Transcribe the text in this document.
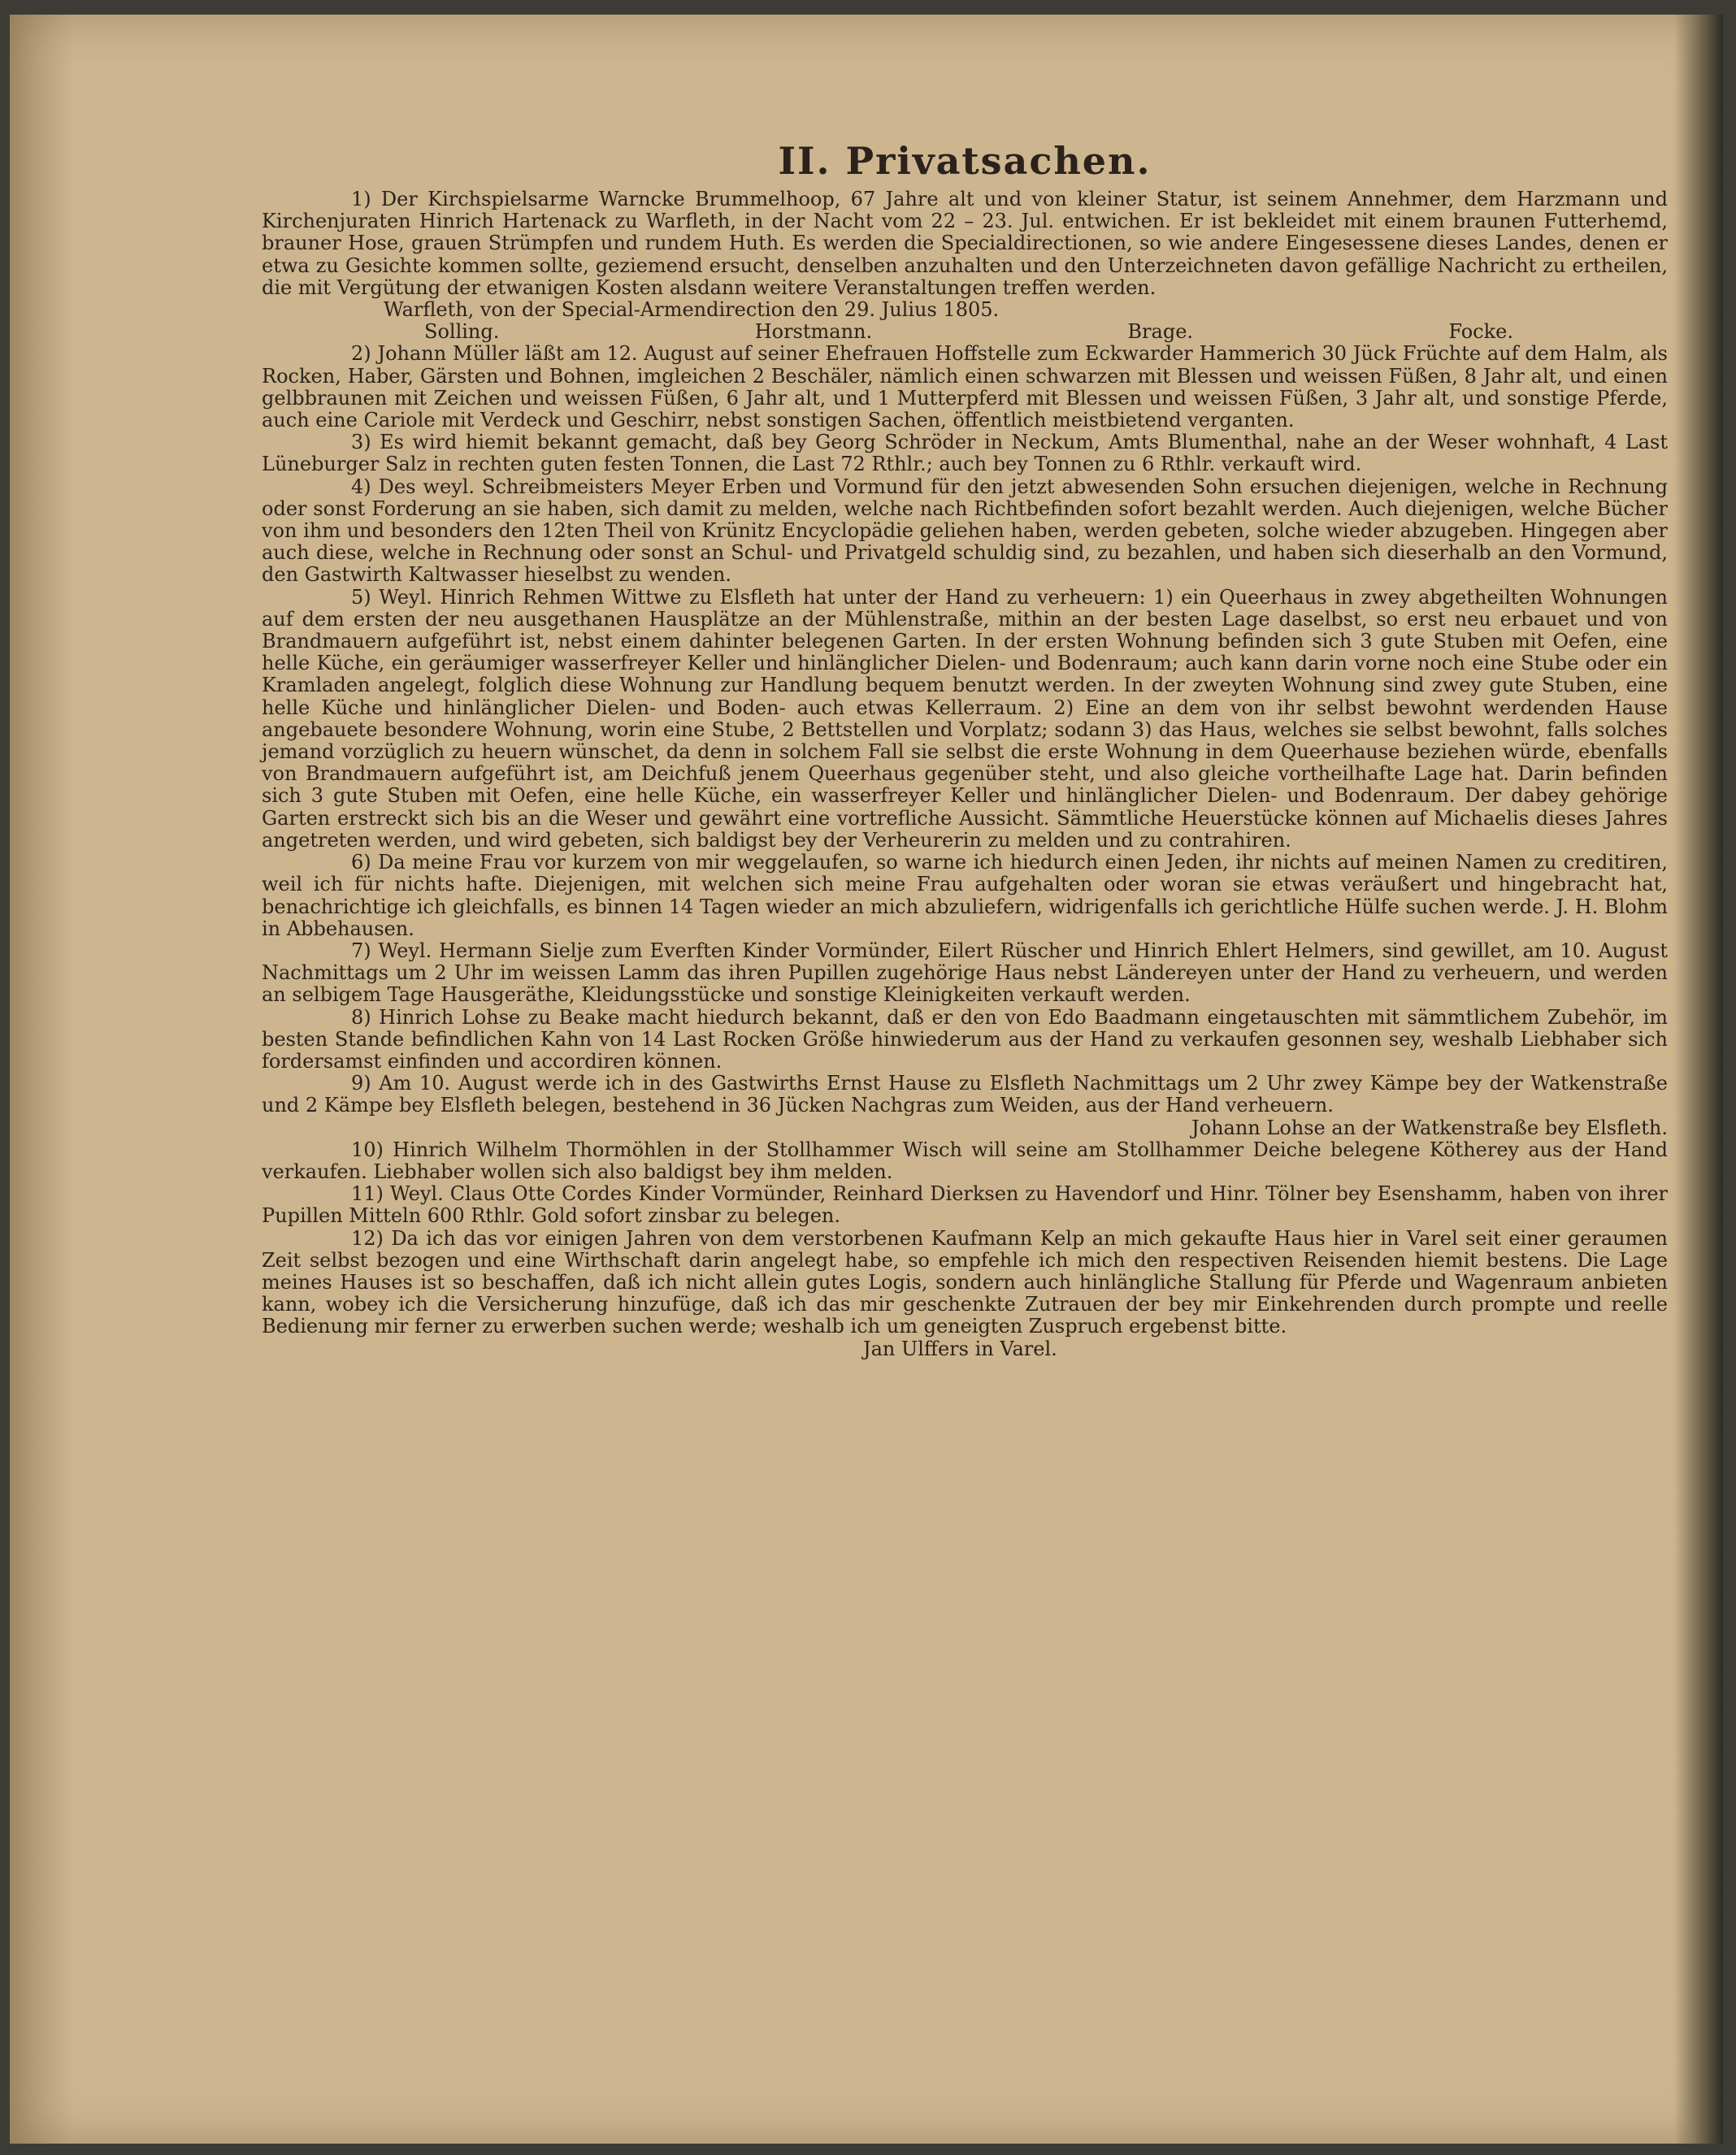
II. Privatsachen.

1) Der Kirchspielsarme Warncke Brummelhoop, 67 Jahre alt und von kleiner Statur, ist seinem Annehmer, dem Harzmann und Kirchenjuraten Hinrich Hartenack zu Warfleth, in der Nacht vom 22 – 23. Jul. entwichen. Er ist bekleidet mit einem braunen Futterhemd, brauner Hose, grauen Strümpfen und rundem Huth. Es werden die Specialdirectionen, so wie andere Eingesessene dieses Landes, denen er etwa zu Gesichte kommen sollte, geziemend ersucht, denselben anzuhalten und den Unterzeichneten davon gefällige Nachricht zu ertheilen, die mit Vergütung der etwanigen Kosten alsdann weitere Veranstaltungen treffen werden.

Warfleth, von der Special-Armendirection den 29. Julius 1805.

Solling.	Horstmann.	Brage.	Focke.

2) Johann Müller läßt am 12. August auf seiner Ehefrauen Hoffstelle zum Eckwarder Hammerich 30 Jück Früchte auf dem Halm, als Rocken, Haber, Gärsten und Bohnen, imgleichen 2 Beschäler, nämlich einen schwarzen mit Blessen und weissen Füßen, 8 Jahr alt, und einen gelbbraunen mit Zeichen und weissen Füßen, 6 Jahr alt, und 1 Mutterpferd mit Blessen und weissen Füßen, 3 Jahr alt, und sonstige Pferde, auch eine Cariole mit Verdeck und Geschirr, nebst sonstigen Sachen, öffentlich meistbietend verganten.

3) Es wird hiemit bekannt gemacht, daß bey Georg Schröder in Neckum, Amts Blumenthal, nahe an der Weser wohnhaft, 4 Last Lüneburger Salz in rechten guten festen Tonnen, die Last 72 Rthlr.; auch bey Tonnen zu 6 Rthlr. verkauft wird.

4) Des weyl. Schreibmeisters Meyer Erben und Vormund für den jetzt abwesenden Sohn ersuchen diejenigen, welche in Rechnung oder sonst Forderung an sie haben, sich damit zu melden, welche nach Richtbefinden sofort bezahlt werden. Auch diejenigen, welche Bücher von ihm und besonders den 12ten Theil von Krünitz Encyclopädie geliehen haben, werden gebeten, solche wieder abzugeben. Hingegen aber auch diese, welche in Rechnung oder sonst an Schul- und Privatgeld schuldig sind, zu bezahlen, und haben sich dieserhalb an den Vormund, den Gastwirth Kaltwasser hieselbst zu wenden.

5) Weyl. Hinrich Rehmen Wittwe zu Elsfleth hat unter der Hand zu verheuern: 1) ein Queerhaus in zwey abgetheilten Wohnungen auf dem ersten der neu ausgethanen Hausplätze an der Mühlenstraße, mithin an der besten Lage daselbst, so erst neu erbauet und von Brandmauern aufgeführt ist, nebst einem dahinter belegenen Garten. In der ersten Wohnung befinden sich 3 gute Stuben mit Oefen, eine helle Küche, ein geräumiger wasserfreyer Keller und hinlänglicher Dielen- und Bodenraum; auch kann darin vorne noch eine Stube oder ein Kramladen angelegt, folglich diese Wohnung zur Handlung bequem benutzt werden. In der zweyten Wohnung sind zwey gute Stuben, eine helle Küche und hinlänglicher Dielen- und Boden- auch etwas Kellerraum. 2) Eine an dem von ihr selbst bewohnt werdenden Hause angebauete besondere Wohnung, worin eine Stube, 2 Bettstellen und Vorplatz; sodann 3) das Haus, welches sie selbst bewohnt, falls solches jemand vorzüglich zu heuern wünschet, da denn in solchem Fall sie selbst die erste Wohnung in dem Queerhause beziehen würde, ebenfalls von Brandmauern aufgeführt ist, am Deichfuß jenem Queerhaus gegenüber steht, und also gleiche vortheilhafte Lage hat. Darin befinden sich 3 gute Stuben mit Oefen, eine helle Küche, ein wasserfreyer Keller und hinlänglicher Dielen- und Bodenraum. Der dabey gehörige Garten erstreckt sich bis an die Weser und gewährt eine vortrefliche Aussicht. Sämmtliche Heuerstücke können auf Michaelis dieses Jahres angetreten werden, und wird gebeten, sich baldigst bey der Verheurerin zu melden und zu contrahiren.

6) Da meine Frau vor kurzem von mir weggelaufen, so warne ich hiedurch einen Jeden, ihr nichts auf meinen Namen zu creditiren, weil ich für nichts hafte. Diejenigen, mit welchen sich meine Frau aufgehalten oder woran sie etwas veräußert und hingebracht hat, benachrichtige ich gleichfalls, es binnen 14 Tagen wieder an mich abzuliefern, widrigenfalls ich gerichtliche Hülfe suchen werde. J. H. Blohm in Abbehausen.

7) Weyl. Hermann Sielje zum Everften Kinder Vormünder, Eilert Rüscher und Hinrich Ehlert Helmers, sind gewillet, am 10. August Nachmittags um 2 Uhr im weissen Lamm das ihren Pupillen zugehörige Haus nebst Ländereyen unter der Hand zu verheuern, und werden an selbigem Tage Hausgeräthe, Kleidungsstücke und sonstige Kleinigkeiten verkauft werden.

8) Hinrich Lohse zu Beake macht hiedurch bekannt, daß er den von Edo Baadmann eingetauschten mit sämmtlichem Zubehör, im besten Stande befindlichen Kahn von 14 Last Rocken Größe hinwiederum aus der Hand zu verkaufen gesonnen sey, weshalb Liebhaber sich fordersamst einfinden und accordiren können.

9) Am 10. August werde ich in des Gastwirths Ernst Hause zu Elsfleth Nachmittags um 2 Uhr zwey Kämpe bey der Watkenstraße und 2 Kämpe bey Elsfleth belegen, bestehend in 36 Jücken Nachgras zum Weiden, aus der Hand verheuern.

Johann Lohse an der Watkenstraße bey Elsfleth.

10) Hinrich Wilhelm Thormöhlen in der Stollhammer Wisch will seine am Stollhammer Deiche belegene Kötherey aus der Hand verkaufen. Liebhaber wollen sich also baldigst bey ihm melden.

11) Weyl. Claus Otte Cordes Kinder Vormünder, Reinhard Dierksen zu Havendorf und Hinr. Tölner bey Esenshamm, haben von ihrer Pupillen Mitteln 600 Rthlr. Gold sofort zinsbar zu belegen.

12) Da ich das vor einigen Jahren von dem verstorbenen Kaufmann Kelp an mich gekaufte Haus hier in Varel seit einer geraumen Zeit selbst bezogen und eine Wirthschaft darin angelegt habe, so empfehle ich mich den respectiven Reisenden hiemit bestens. Die Lage meines Hauses ist so beschaffen, daß ich nicht allein gutes Logis, sondern auch hinlängliche Stallung für Pferde und Wagenraum anbieten kann, wobey ich die Versicherung hinzufüge, daß ich das mir geschenkte Zutrauen der bey mir Einkehrenden durch prompte und reelle Bedienung mir ferner zu erwerben suchen werde; weshalb ich um geneigten Zuspruch ergebenst bitte.

Jan Ulffers in Varel.
